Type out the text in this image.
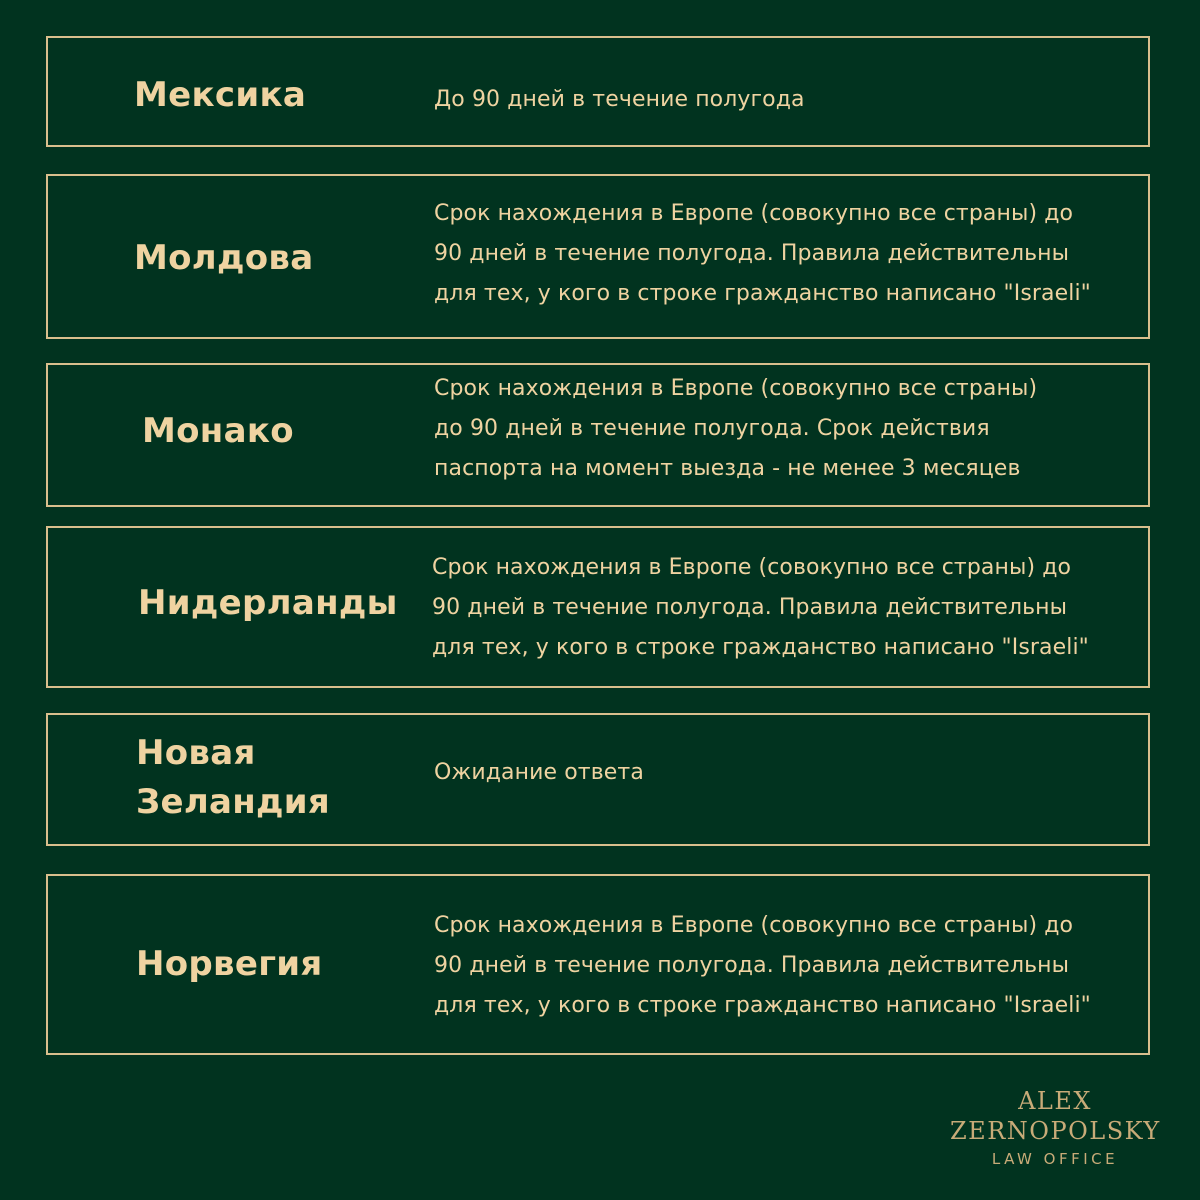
Мексика	До 90 дней в течение полугода
Молдова
Срок нахождения в Европе (совокупно все страны) до
90 дней в течение полугода. Правила действительны
для тех, у кого в строке гражданство написано "Israeli"
Монако
Срок нахождения в Европе (совокупно все страны)
до 90 дней в течение полугода. Срок действия
паспорта на момент выезда - не менее 3 месяцев
Нидерланды
Срок нахождения в Европе (совокупно все страны) до
90 дней в течение полугода. Правила действительны
для тех, у кого в строке гражданство написано "Israeli"
Новая
Зеландия
Ожидание ответа
Норвегия
Срок нахождения в Европе (совокупно все страны) до
90 дней в течение полугода. Правила действительны
для тех, у кого в строке гражданство написано "Israeli"
ALEX
ZERNOPOLSKY
LAW OFFICE
